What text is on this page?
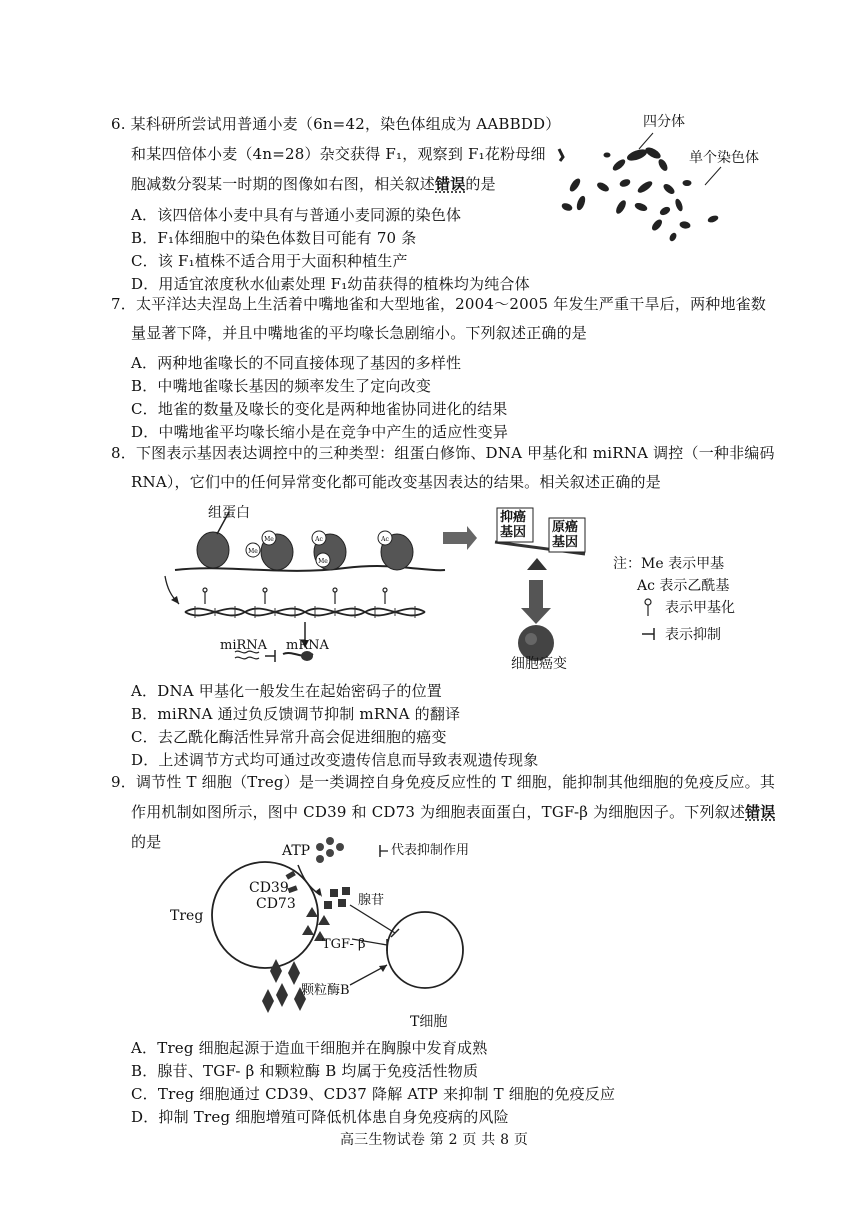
6. 某科研所尝试用普通小麦（6n=42，染色体组成为 AABBDD）
和某四倍体小麦（4n=28）杂交获得 F₁，观察到 F₁花粉母细
胞减数分裂某一时期的图像如右图，相关叙述错误的是
A．该四倍体小麦中具有与普通小麦同源的染色体
B．F₁体细胞中的染色体数目可能有 70 条
C．该 F₁植株不适合用于大面积种植生产
D．用适宜浓度秋水仙素处理 F₁幼苗获得的植株均为纯合体
四分体
单个染色体
7．太平洋达夫涅岛上生活着中嘴地雀和大型地雀，2004～2005 年发生严重干旱后，两种地雀数
量显著下降，并且中嘴地雀的平均喙长急剧缩小。下列叙述正确的是
A．两种地雀喙长的不同直接体现了基因的多样性
B．中嘴地雀喙长基因的频率发生了定向改变
C．地雀的数量及喙长的变化是两种地雀协同进化的结果
D．中嘴地雀平均喙长缩小是在竞争中产生的适应性变异
8．下图表示基因表达调控中的三种类型：组蛋白修饰、DNA 甲基化和 miRNA 调控（一种非编码
RNA），它们中的任何异常变化都可能改变基因表达的结果。相关叙述正确的是
Me
Me	Ac
Me
Ac
组蛋白
miRNA mRNA
抑癌
基因 原癌
基因
细胞癌变
注：Me 表示甲基
Ac 表示乙酰基
表示甲基化
表示抑制
A．DNA 甲基化一般发生在起始密码子的位置
B．miRNA 通过负反馈调节抑制 mRNA 的翻译
C．去乙酰化酶活性异常升高会促进细胞的癌变
D．上述调节方式均可通过改变遗传信息而导致表观遗传现象
9．调节性 T 细胞（Treg）是一类调控自身免疫反应性的 T 细胞，能抑制其他细胞的免疫反应。其
作用机制如图所示，图中 CD39 和 CD73 为细胞表面蛋白，TGF-β 为细胞因子。下列叙述错误
的是	ATP	代表抑制作用
CD39
CD73
Treg
腺苷
TGF- β
颗粒酶B
T细胞
A．Treg 细胞起源于造血干细胞并在胸腺中发育成熟
B．腺苷、TGF- β 和颗粒酶 B 均属于免疫活性物质
C．Treg 细胞通过 CD39、CD37 降解 ATP 来抑制 T 细胞的免疫反应
D．抑制 Treg 细胞增殖可降低机体患自身免疫病的风险
高三生物试卷 第 2 页 共 8 页
